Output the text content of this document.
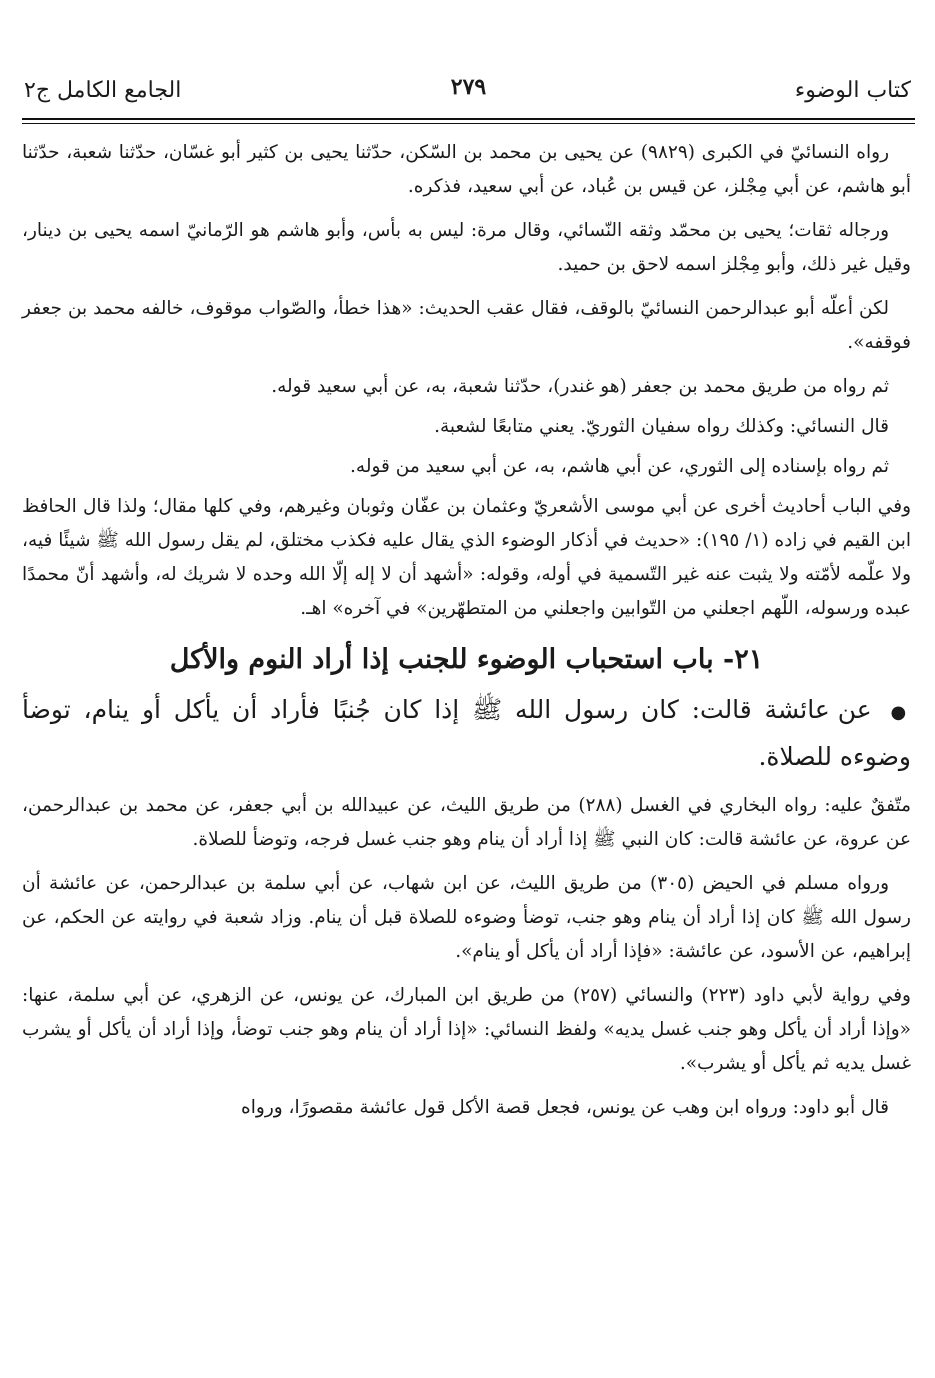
كتاب الوضوء
٢٧٩
الجامع الكامل ج٢

رواه النسائيّ في الكبرى (٩٨٢٩) عن يحيى بن محمد بن السّكن، حدّثنا يحيى بن كثير أبو غسّان، حدّثنا شعبة، حدّثنا أبو هاشم، عن أبي مِجْلز، عن قيس بن عُباد، عن أبي سعيد، فذكره.

ورجاله ثقات؛ يحيى بن محمّد وثقه النّسائي، وقال مرة: ليس به بأس، وأبو هاشم هو الرّمانيّ اسمه يحيى بن دينار، وقيل غير ذلك، وأبو مِجْلز اسمه لاحق بن حميد.

لكن أعلّه أبو عبدالرحمن النسائيّ بالوقف، فقال عقب الحديث: «هذا خطأ، والصّواب موقوف، خالفه محمد بن جعفر فوقفه».

ثم رواه من طريق محمد بن جعفر (هو غندر)، حدّثنا شعبة، به، عن أبي سعيد قوله.

قال النسائي: وكذلك رواه سفيان الثوريّ. يعني متابعًا لشعبة.

ثم رواه بإسناده إلى الثوري، عن أبي هاشم، به، عن أبي سعيد من قوله.

وفي الباب أحاديث أخرى عن أبي موسى الأشعريّ وعثمان بن عفّان وثوبان وغيرهم، وفي كلها مقال؛ ولذا قال الحافظ ابن القيم في زاده (١/ ١٩٥): «حديث في أذكار الوضوء الذي يقال عليه فكذب مختلق، لم يقل رسول الله ﷺ شيئًا فيه، ولا علّمه لأمّته ولا يثبت عنه غير التّسمية في أوله، وقوله: «أشهد أن لا إله إلّا الله وحده لا شريك له، وأشهد أنّ محمدًا عبده ورسوله، اللّهم اجعلني من التّوابين واجعلني من المتطهّرين» في آخره» اهـ.

٢١- باب استحباب الوضوء للجنب إذا أراد النوم والأكل

● عن عائشة قالت: كان رسول الله ﷺ إذا كان جُنبًا فأراد أن يأكل أو ينام، توضأ وضوءه للصلاة.

متّفقٌ عليه: رواه البخاري في الغسل (٢٨٨) من طريق الليث، عن عبيدالله بن أبي جعفر، عن محمد بن عبدالرحمن، عن عروة، عن عائشة قالت: كان النبي ﷺ إذا أراد أن ينام وهو جنب غسل فرجه، وتوضأ للصلاة.

ورواه مسلم في الحيض (٣٠٥) من طريق الليث، عن ابن شهاب، عن أبي سلمة بن عبدالرحمن، عن عائشة أن رسول الله ﷺ كان إذا أراد أن ينام وهو جنب، توضأ وضوءه للصلاة قبل أن ينام. وزاد شعبة في روايته عن الحكم، عن إبراهيم، عن الأسود، عن عائشة: «فإذا أراد أن يأكل أو ينام».

وفي رواية لأبي داود (٢٢٣) والنسائي (٢٥٧) من طريق ابن المبارك، عن يونس، عن الزهري، عن أبي سلمة، عنها: «وإذا أراد أن يأكل وهو جنب غسل يديه» ولفظ النسائي: «إذا أراد أن ينام وهو جنب توضأ، وإذا أراد أن يأكل أو يشرب غسل يديه ثم يأكل أو يشرب».

قال أبو داود: ورواه ابن وهب عن يونس، فجعل قصة الأكل قول عائشة مقصورًا، ورواه
